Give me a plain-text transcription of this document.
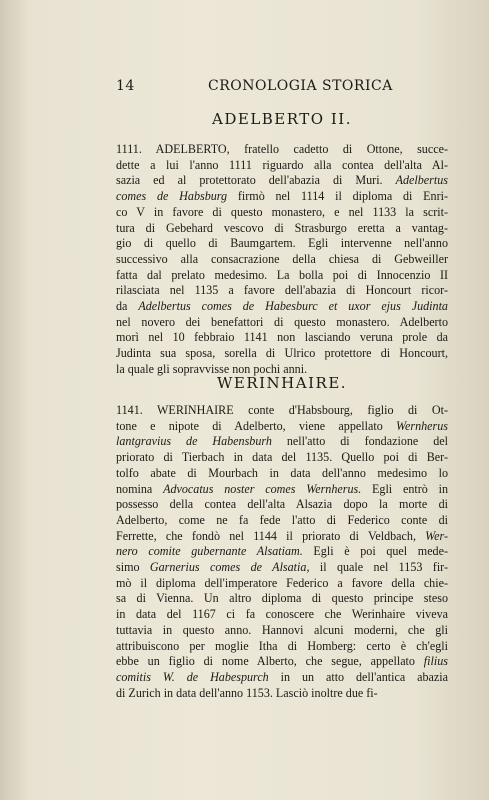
14	CRONOLOGIA STORICA
ADELBERTO II.
1111. ADELBERTO, fratello cadetto di Ottone, succe-
dette a lui l'anno 1111 riguardo alla contea dell'alta Al-
sazia ed al protettorato dell'abazia di Muri. Adelbertus
comes de Habsburg firmò nel 1114 il diploma di Enri-
co V in favore di questo monastero, e nel 1133 la scrit-
tura di Gebehard vescovo di Strasburgo eretta a vantag-
gio di quello di Baumgartem. Egli intervenne nell'anno
successivo alla consacrazione della chiesa di Gebweiller
fatta dal prelato medesimo. La bolla poi di Innocenzio II
rilasciata nel 1135 a favore dell'abazia di Honcourt ricor-
da Adelbertus comes de Habesburc et uxor ejus Judinta
nel novero dei benefattori di questo monastero. Adelberto
morì nel 10 febbraio 1141 non lasciando veruna prole da
Judinta sua sposa, sorella di Ulrico protettore di Honcourt,
la quale gli sopravvisse non pochi anni.
WERINHAIRE.
1141. WERINHAIRE conte d'Habsbourg, figlio di Ot-
tone e nipote di Adelberto, viene appellato Wernherus
lantgravius de Habensburh nell'atto di fondazione del
priorato di Tierbach in data del 1135. Quello poi di Ber-
tolfo abate di Mourbach in data dell'anno medesimo lo
nomina Advocatus noster comes Wernherus. Egli entrò in
possesso della contea dell'alta Alsazia dopo la morte di
Adelberto, come ne fa fede l'atto di Federico conte di
Ferrette, che fondò nel 1144 il priorato di Veldbach, Wer-
nero comite gubernante Alsatiam. Egli è poi quel mede-
simo Garnerius comes de Alsatia, il quale nel 1153 fir-
mò il diploma dell'imperatore Federico a favore della chie-
sa di Vienna. Un altro diploma di questo principe steso
in data del 1167 ci fa conoscere che Werinhaire viveva
tuttavia in questo anno. Hannovi alcuni moderni, che gli
attribuiscono per moglie Itha di Homberg: certo è ch'egli
ebbe un figlio di nome Alberto, che segue, appellato filius
comitis W. de Habespurch in un atto dell'antica abazia
di Zurich in data dell'anno 1153. Lasciò inoltre due fi-
